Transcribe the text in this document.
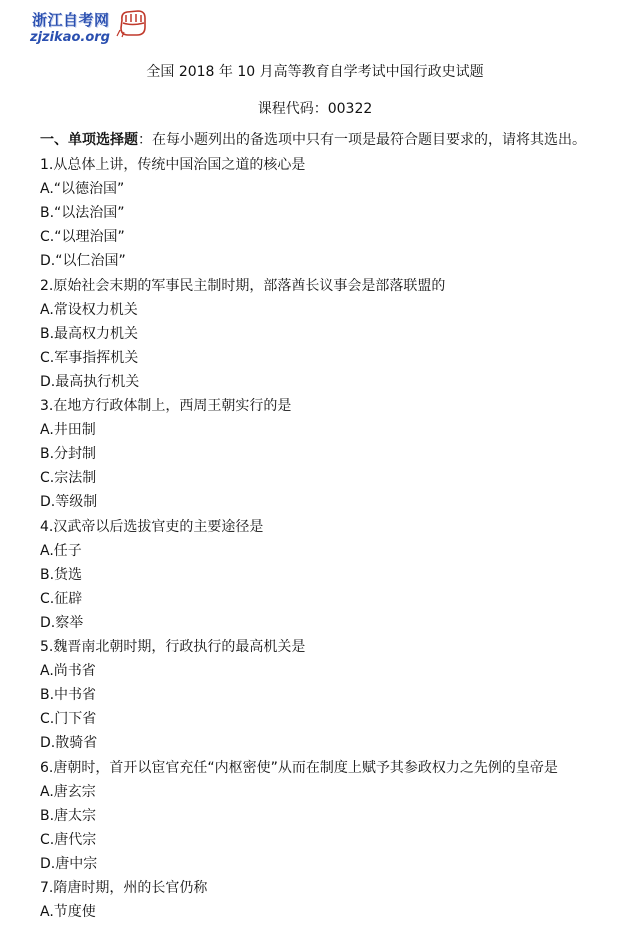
浙江自考网
zjzikao.org
全国 2018 年 10 月高等教育自学考试中国行政史试题
课程代码：00322
一、单项选择题：在每小题列出的备选项中只有一项是最符合题目要求的，请将其选出。
1.从总体上讲，传统中国治国之道的核心是
A.“以德治国”
B.“以法治国”
C.“以理治国”
D.“以仁治国”
2.原始社会末期的军事民主制时期，部落酋长议事会是部落联盟的
A.常设权力机关
B.最高权力机关
C.军事指挥机关
D.最高执行机关
3.在地方行政体制上，西周王朝实行的是
A.井田制
B.分封制
C.宗法制
D.等级制
4.汉武帝以后选拔官吏的主要途径是
A.任子
B.货选
C.征辟
D.察举
5.魏晋南北朝时期，行政执行的最高机关是
A.尚书省
B.中书省
C.门下省
D.散骑省
6.唐朝时，首开以宦官充任“内枢密使”从而在制度上赋予其参政权力之先例的皇帝是
A.唐玄宗
B.唐太宗
C.唐代宗
D.唐中宗
7.隋唐时期，州的长官仍称
A.节度使
